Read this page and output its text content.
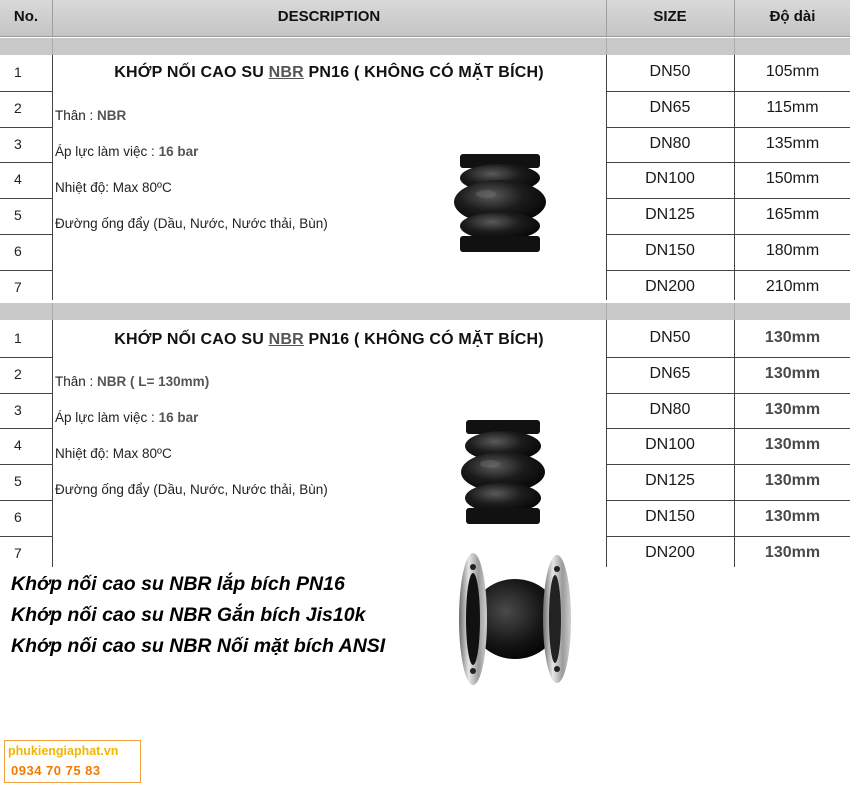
No.	DESCRIPTION	SIZE	Độ dài
KHỚP NỐI CAO SU NBR PN16 ( KHÔNG CÓ MẶT BÍCH)
Thân : NBR
Áp lực làm việc : 16 bar
Nhiệt độ: Max 80ºC
Đường ống đẩy (Dầu, Nước, Nước thải, Bùn)
1	DN50	105mm
2	DN65	115mm
3	DN80	135mm
4	DN100	150mm
5	DN125	165mm
6	DN150	180mm
7	DN200	210mm
KHỚP NỐI CAO SU NBR PN16 ( KHÔNG CÓ MẶT BÍCH)
Thân : NBR ( L= 130mm)
Áp lực làm việc : 16 bar
Nhiệt độ: Max 80ºC
Đường ống đẩy (Dầu, Nước, Nước thải, Bùn)
1	DN50	130mm
2	DN65	130mm
3	DN80	130mm
4	DN100	130mm
5	DN125	130mm
6	DN150	130mm
7	DN200	130mm
Khớp nối cao su NBR lắp bích PN16
Khớp nối cao su NBR Gắn bích Jis10k
Khớp nối cao su NBR Nối mặt bích ANSI
phukiengiaphat.vn
0934 70 75 83
